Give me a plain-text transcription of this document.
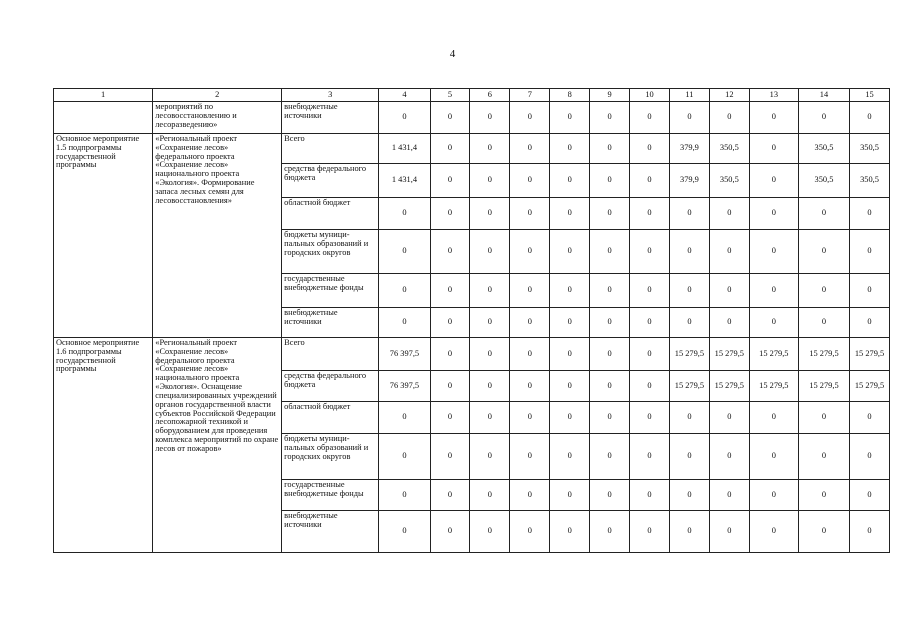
4
1	2	3	4	5	6	7	8	9	10	11	12	13	14	15
	мероприятий по лесовосстановлению и лесоразведению»	внебюджетные источники	0	0	0	0	0	0	0	0	0	0	0	0
Основное мероприятие 1.5 подпрограммы государственной программы	«Региональный проект «Сохранение лесов» федерального проекта «Сохранение лесов» национального проекта «Экология». Формирование запаса лесных семян для лесовосстановления»	Всего	1 431,4	0	0	0	0	0	0	379,9	350,5	0	350,5	350,5
		средства федерального бюджета	1 431,4	0	0	0	0	0	0	379,9	350,5	0	350,5	350,5
		областной бюджет	0	0	0	0	0	0	0	0	0	0	0	0
		бюджеты муници-пальных образований и городских округов	0	0	0	0	0	0	0	0	0	0	0	0
		государственные внебюджетные фонды	0	0	0	0	0	0	0	0	0	0	0	0
		внебюджетные источники	0	0	0	0	0	0	0	0	0	0	0	0
Основное мероприятие 1.6 подпрограммы государственной программы	«Региональный проект «Сохранение лесов» федерального проекта «Сохранение лесов» национального проекта «Экология». Оснащение специализированных учреждений органов государственной власти субъектов Российской Федерации лесопожарной техникой и оборудованием для проведения комплекса мероприятий по охране лесов от пожаров»	Всего	76 397,5	0	0	0	0	0	0	15 279,5	15 279,5	15 279,5	15 279,5	15 279,5
		средства федерального бюджета	76 397,5	0	0	0	0	0	0	15 279,5	15 279,5	15 279,5	15 279,5	15 279,5
		областной бюджет	0	0	0	0	0	0	0	0	0	0	0	0
		бюджеты муници-пальных образований и городских округов	0	0	0	0	0	0	0	0	0	0	0	0
		государственные внебюджетные фонды	0	0	0	0	0	0	0	0	0	0	0	0
		внебюджетные источники	0	0	0	0	0	0	0	0	0	0	0	0
